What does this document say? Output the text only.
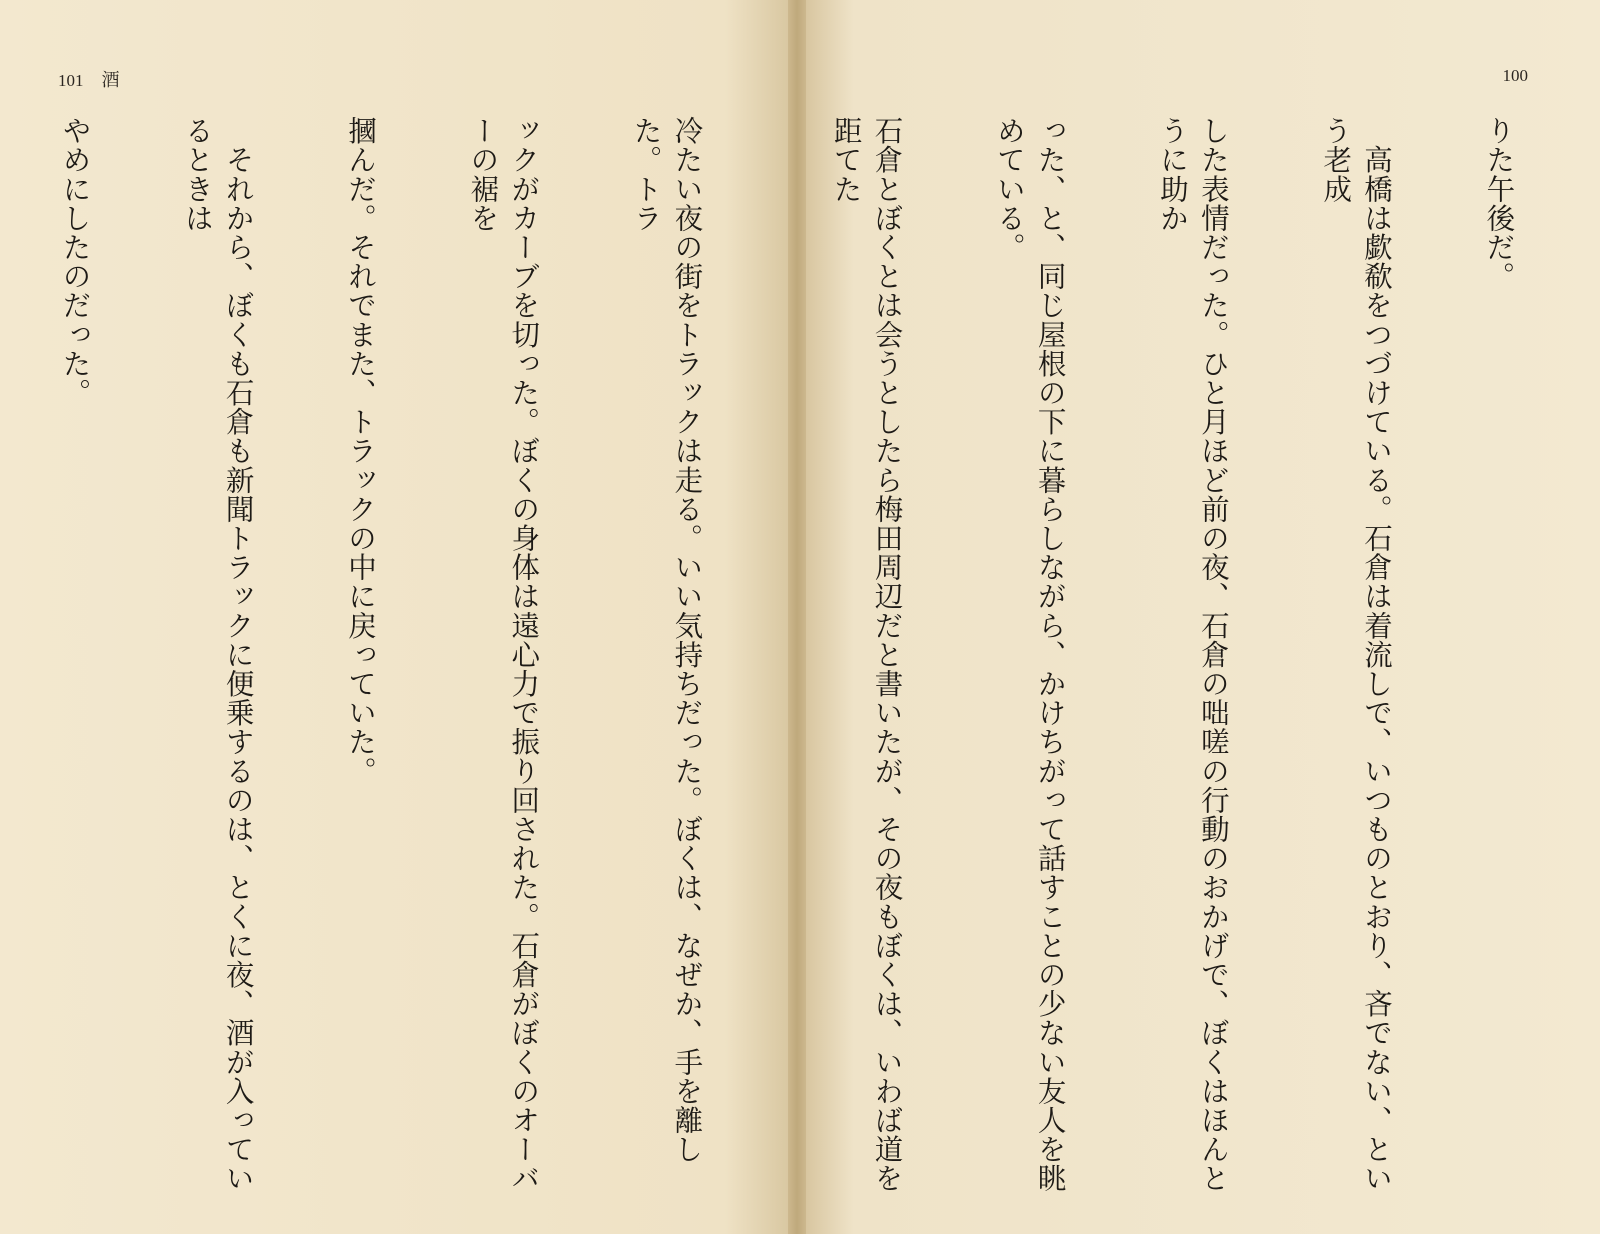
101 酒

冷たい夜の街をトラックは走る。いい気持ちだった。ぼくは、なぜか、手を離した。トラ

ックがカーブを切った。ぼくの身体は遠心力で振り回された。石倉がぼくのオーバーの裾を

摑んだ。それでまた、トラックの中に戻っていた。

　それから、ぼくも石倉も新聞トラックに便乗するのは、とくに夜、酒が入っているときは

やめにしたのだった。

100

りた午後だ。

　高橋は歔欷をつづけている。石倉は着流しで、いつものとおり、吝でない、という老成

した表情だった。ひと月ほど前の夜、石倉の咄嗟の行動のおかげで、ぼくはほんとうに助か

った、と、同じ屋根の下に暮らしながら、かけちがって話すことの少ない友人を眺めている。

石倉とぼくとは会うとしたら梅田周辺だと書いたが、その夜もぼくは、いわば道を距てた
